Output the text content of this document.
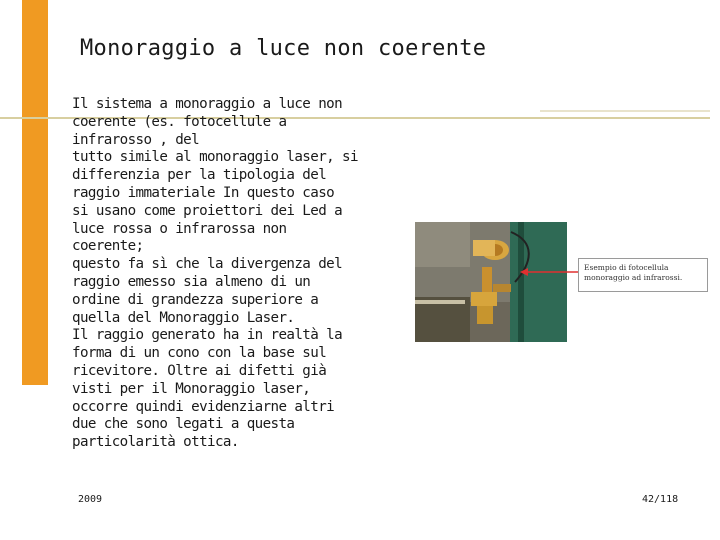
Monoraggio a luce non coerente
Il sistema a monoraggio a luce non
coerente (es. fotocellule a
infrarosso , del
tutto simile al monoraggio laser, si
differenzia per la tipologia del
raggio immateriale In questo caso
si usano come proiettori dei Led a
luce rossa o infrarossa non
coerente;
questo fa sì che la divergenza del
raggio emesso sia almeno di un
ordine di grandezza superiore a
quella del Monoraggio Laser.
Il raggio generato ha in realtà la
forma di un cono con la base sul
ricevitore. Oltre ai difetti già
visti per il Monoraggio laser,
occorre quindi evidenziarne altri
due che sono legati a questa
particolarità ottica.
Esempio di fotocellula monoraggio ad infrarossi.
2009	42/118
